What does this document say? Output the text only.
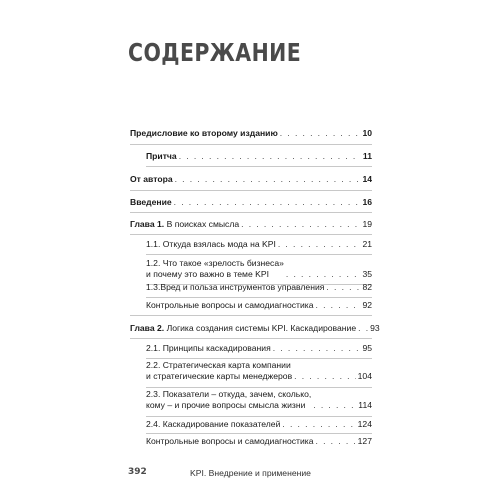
СОДЕРЖАНИЕ
Предисловие ко второму изданию . . .	10
Притча . . .	11
От автора . . .	14
Введение . . .	16
Глава 1. В поисках смысла . . .	19
1.1. Откуда взялась мода на KPI . . .	21
1.2. Что такое «зрелость бизнеса»
и почему это важно в теме KPI . . .	35
1.3.Вред и польза инструментов управления . . .	82
Контрольные вопросы и самодиагностика . . .	92
Глава 2. Логика создания системы KPI. Каскадирование . . . 93
2.1. Принципы каскадирования . . .	95
2.2. Стратегическая карта компании
и стратегические карты менеджеров . . .	104
2.3. Показатели – откуда, зачем, сколько,
кому – и прочие вопросы смысла жизни . . .	114
2.4. Каскадирование показателей . . .	124
Контрольные вопросы и самодиагностика . . .	127
392	KPI. Внедрение и применение
